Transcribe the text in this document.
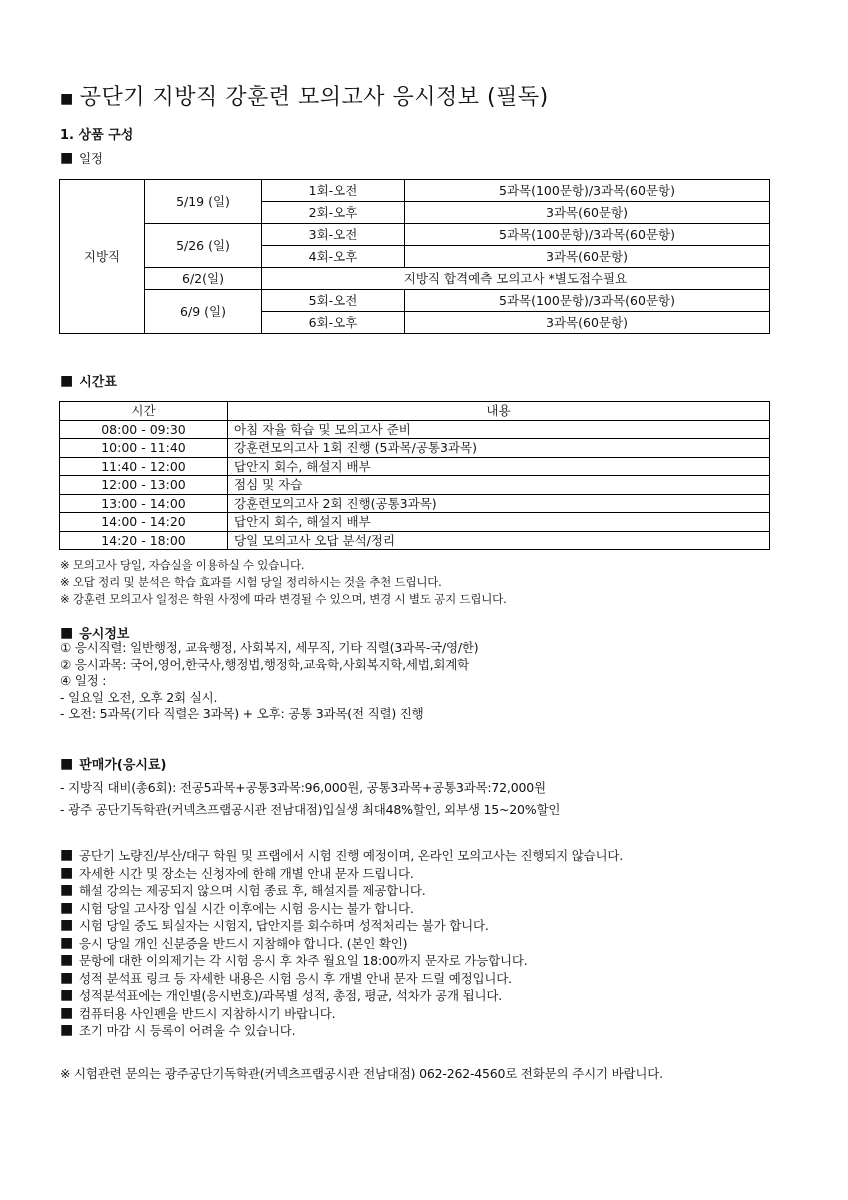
■ 공단기 지방직 강훈련 모의고사 응시정보 (필독)
1. 상품 구성
■ 일정
지방직	5/19 (일)	1회-오전	5과목(100문항)/3과목(60문항)
		2회-오후	3과목(60문항)
	5/26 (일)	3회-오전	5과목(100문항)/3과목(60문항)
		4회-오후	3과목(60문항)
	6/2(일)	지방직 합격예측 모의고사 *별도접수필요	
	6/9 (일)	5회-오전	5과목(100문항)/3과목(60문항)
		6회-오후	3과목(60문항)
■ 시간표
시간	내용
08:00 - 09:30	아침 자율 학습 및 모의고사 준비
10:00 - 11:40	강훈련모의고사 1회 진행 (5과목/공통3과목)
11:40 - 12:00	답안지 회수, 해설지 배부
12:00 - 13:00	점심 및 자습
13:00 - 14:00	강훈련모의고사 2회 진행(공통3과목)
14:00 - 14:20	답안지 회수, 해설지 배부
14:20 - 18:00	당일 모의고사 오답 분석/정리
※ 모의고사 당일, 자습실을 이용하실 수 있습니다.
※ 오답 정리 및 분석은 학습 효과를 시험 당일 정리하시는 것을 추천 드립니다.
※ 강훈련 모의고사 일정은 학원 사정에 따라 변경될 수 있으며, 변경 시 별도 공지 드립니다.
■ 응시정보
① 응시직렬: 일반행정, 교육행정, 사회복지, 세무직, 기타 직렬(3과목-국/영/한)
② 응시과목: 국어,영어,한국사,행정법,행정학,교육학,사회복지학,세법,회계학
④ 일정 :
- 일요일 오전, 오후 2회 실시.
- 오전: 5과목(기타 직렬은 3과목) + 오후: 공통 3과목(전 직렬) 진행
■ 판매가(응시료)
- 지방직 대비(총6회): 전공5과목+공통3과목:96,000원, 공통3과목+공통3과목:72,000원
- 광주 공단기독학관(커넥츠프랩공시관 전남대점)입실생 최대48%할인, 외부생 15~20%할인
■ 공단기 노량진/부산/대구 학원 및 프랩에서 시험 진행 예정이며, 온라인 모의고사는 진행되지 않습니다.
■ 자세한 시간 및 장소는 신청자에 한해 개별 안내 문자 드립니다.
■ 해설 강의는 제공되지 않으며 시험 종료 후, 해설지를 제공합니다.
■ 시험 당일 고사장 입실 시간 이후에는 시험 응시는 불가 합니다.
■ 시험 당일 중도 퇴실자는 시험지, 답안지를 회수하며 성적처리는 불가 합니다.
■ 응시 당일 개인 신분증을 반드시 지참해야 합니다. (본인 확인)
■ 문항에 대한 이의제기는 각 시험 응시 후 차주 월요일 18:00까지 문자로 가능합니다.
■ 성적 분석표 링크 등 자세한 내용은 시험 응시 후 개별 안내 문자 드릴 예정입니다.
■ 성적분석표에는 개인별(응시번호)/과목별 성적, 총점, 평균, 석차가 공개 됩니다.
■ 컴퓨터용 사인펜을 반드시 지참하시기 바랍니다.
■ 조기 마감 시 등록이 어려울 수 있습니다.
※ 시험관련 문의는 광주공단기독학관(커넥츠프랩공시관 전남대점) 062-262-4560로 전화문의 주시기 바랍니다.
